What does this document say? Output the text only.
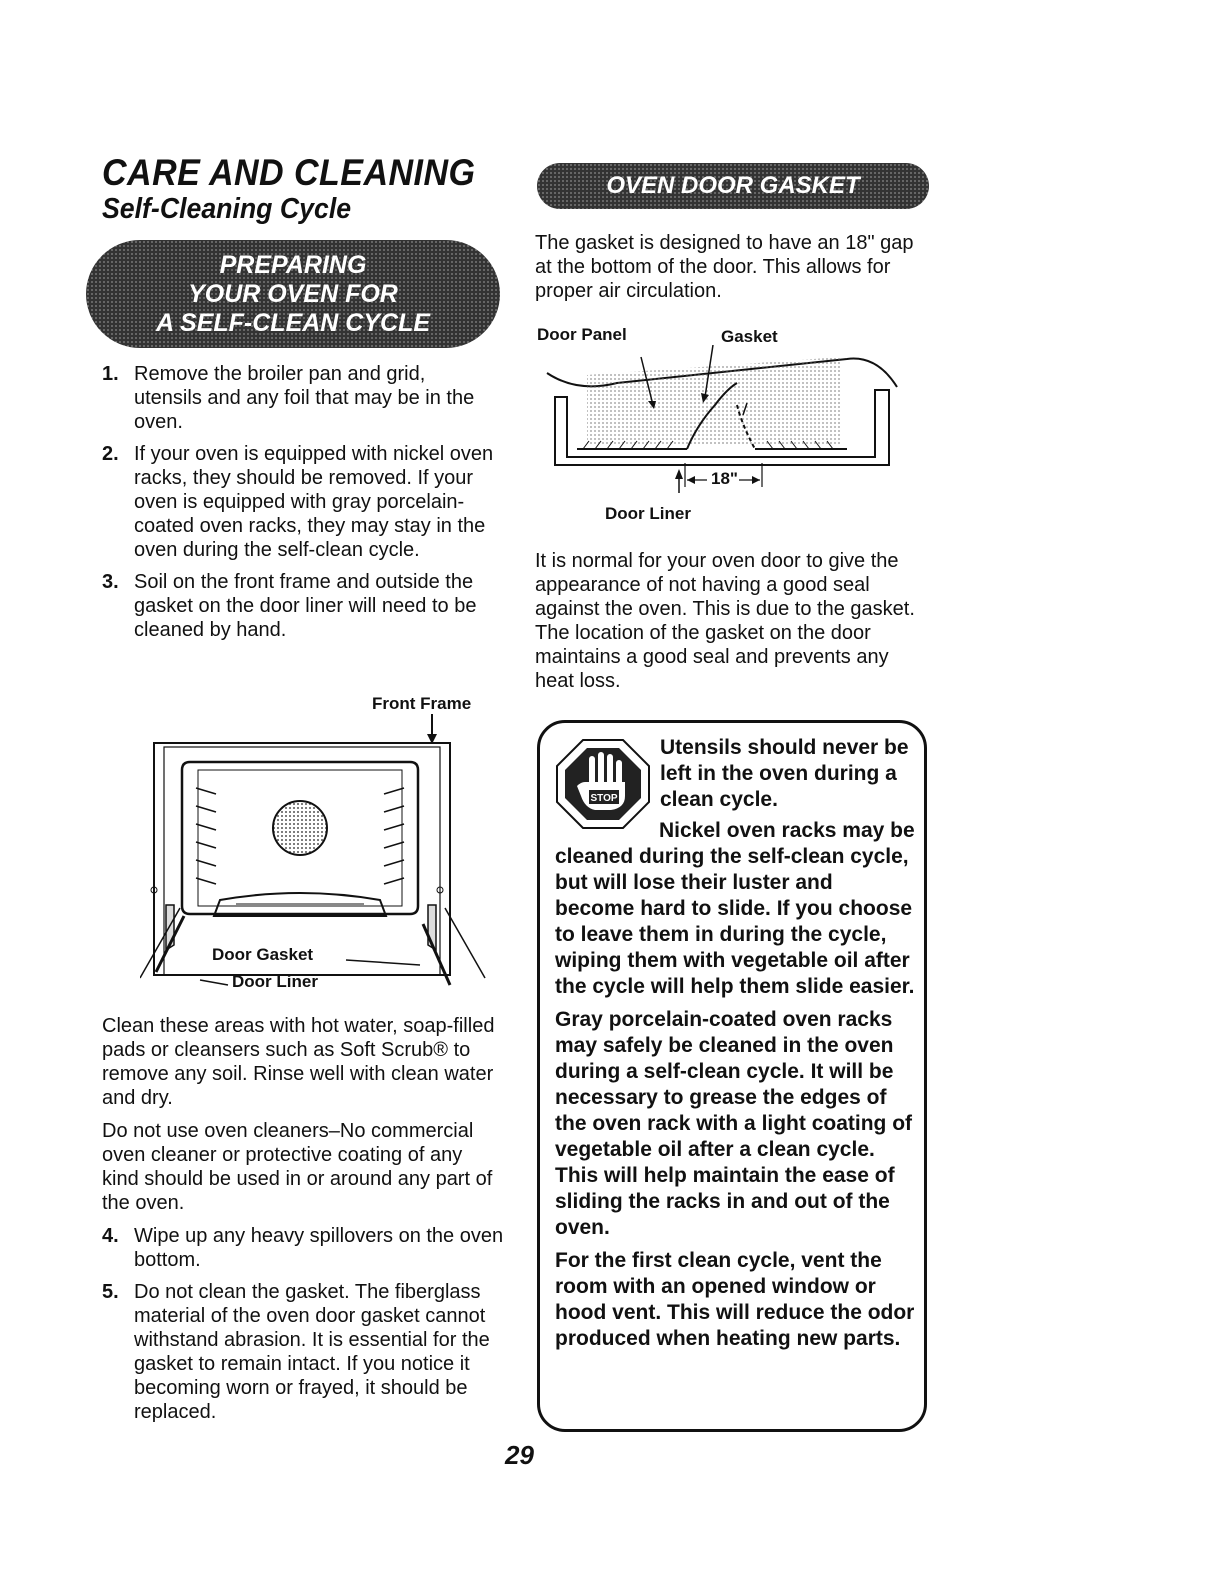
CARE AND CLEANING
Self-Cleaning Cycle
PREPARING
YOUR OVEN FOR
A SELF-CLEAN CYCLE
1. Remove the broiler pan and grid, utensils and any foil that may be in the oven.
2. If your oven is equipped with nickel oven racks, they should be removed. If your oven is equipped with gray porcelain-coated oven racks, they may stay in the oven during the self-clean cycle.
3. Soil on the front frame and outside the gasket on the door liner will need to be cleaned by hand.
Front Frame
Door Gasket
Door Liner

Clean these areas with hot water, soap-filled pads or cleansers such as Soft Scrub® to remove any soil. Rinse well with clean water and dry.

Do not use oven cleaners–No commercial oven cleaner or protective coating of any kind should be used in or around any part of the oven.

4. Wipe up any heavy spillovers on the oven bottom.
5. Do not clean the gasket. The fiberglass material of the oven door gasket cannot withstand abrasion. It is essential for the gasket to remain intact. If you notice it becoming worn or frayed, it should be replaced.
OVEN DOOR GASKET
The gasket is designed to have an 18" gap at the bottom of the door. This allows for proper air circulation.
Door Panel	Gasket
18"
Door Liner
It is normal for your oven door to give the appearance of not having a good seal against the oven. This is due to the gasket. The location of the gasket on the door maintains a good seal and prevents any heat loss.
STOP
Utensils should never be left in the oven during a clean cycle.

Nickel oven racks may be cleaned during the self-clean cycle, but will lose their luster and become hard to slide. If you choose to leave them in during the cycle, wiping them with vegetable oil after the cycle will help them slide easier.

Gray porcelain-coated oven racks may safely be cleaned in the oven during a self-clean cycle. It will be necessary to grease the edges of the oven rack with a light coating of vegetable oil after a clean cycle. This will help maintain the ease of sliding the racks in and out of the oven.

For the first clean cycle, vent the room with an opened window or hood vent. This will reduce the odor produced when heating new parts.

29
